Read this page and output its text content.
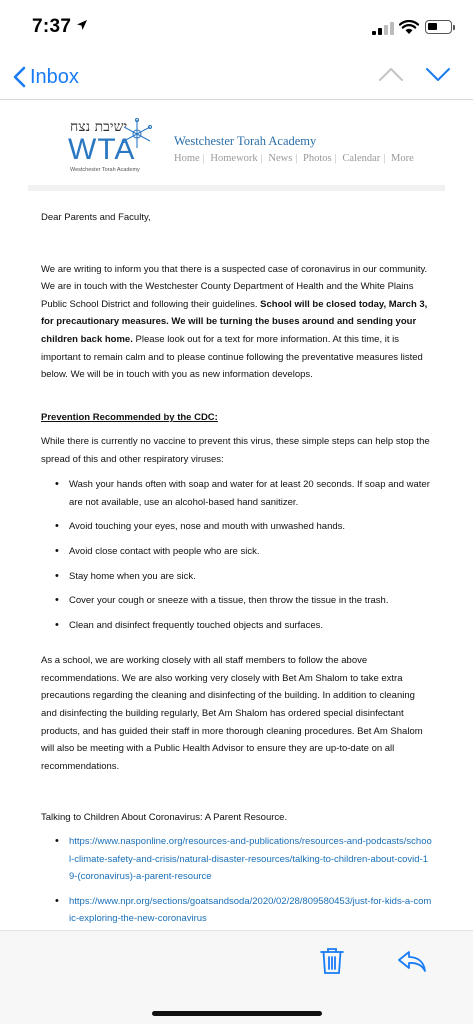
7:37
Inbox
ישיבת נצח
WTA
Westchester Torah Academy
Westchester Torah Academy
Home | Homework | News | Photos | Calendar | More

Dear Parents and Faculty,

We are writing to inform you that there is a suspected case of coronavirus in our community. We are in touch with the Westchester County Department of Health and the White Plains Public School District and following their guidelines. School will be closed today, March 3, for precautionary measures. We will be turning the buses around and sending your children back home. Please look out for a text for more information. At this time, it is important to remain calm and to please continue following the preventative measures listed below. We will be in touch with you as new information develops.

Prevention Recommended by the CDC:

While there is currently no vaccine to prevent this virus, these simple steps can help stop the spread of this and other respiratory viruses:

• Wash your hands often with soap and water for at least 20 seconds. If soap and water are not available, use an alcohol-based hand sanitizer.
• Avoid touching your eyes, nose and mouth with unwashed hands.
• Avoid close contact with people who are sick.
• Stay home when you are sick.
• Cover your cough or sneeze with a tissue, then throw the tissue in the trash.
• Clean and disinfect frequently touched objects and surfaces.

As a school, we are working closely with all staff members to follow the above recommendations. We are also working very closely with Bet Am Shalom to take extra precautions regarding the cleaning and disinfecting of the building. In addition to cleaning and disinfecting the building regularly, Bet Am Shalom has ordered special disinfectant products, and has guided their staff in more thorough cleaning procedures. Bet Am Shalom will also be meeting with a Public Health Advisor to ensure they are up-to-date on all recommendations.

Talking to Children About Coronavirus: A Parent Resource.

• https://www.nasponline.org/resources-and-publications/resources-and-podcasts/school-climate-safety-and-crisis/natural-disaster-resources/talking-to-children-about-covid-19-(coronavirus)-a-parent-resource
• https://www.npr.org/sections/goatsandsoda/2020/02/28/809580453/just-for-kids-a-comic-exploring-the-new-coronavirus
